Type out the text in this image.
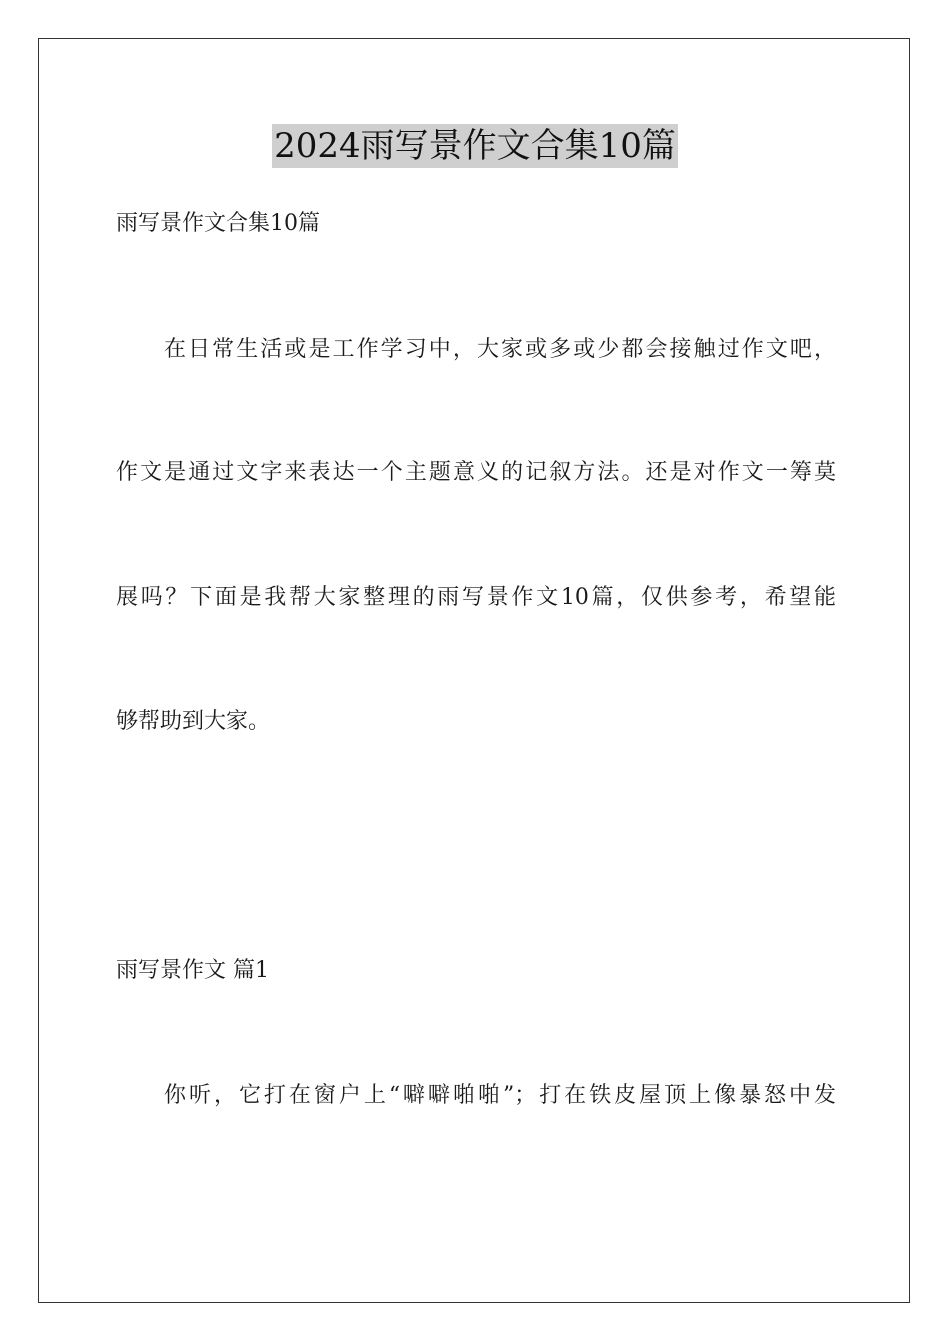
2024雨写景作文合集10篇
雨写景作文合集10篇
在日常生活或是工作学习中，大家或多或少都会接触过作文吧，
作文是通过文字来表达一个主题意义的记叙方法。还是对作文一筹莫
展吗？下面是我帮大家整理的雨写景作文10篇，仅供参考，希望能
够帮助到大家。
雨写景作文 篇1
你听，它打在窗户上“噼噼啪啪”；打在铁皮屋顶上像暴怒中发
